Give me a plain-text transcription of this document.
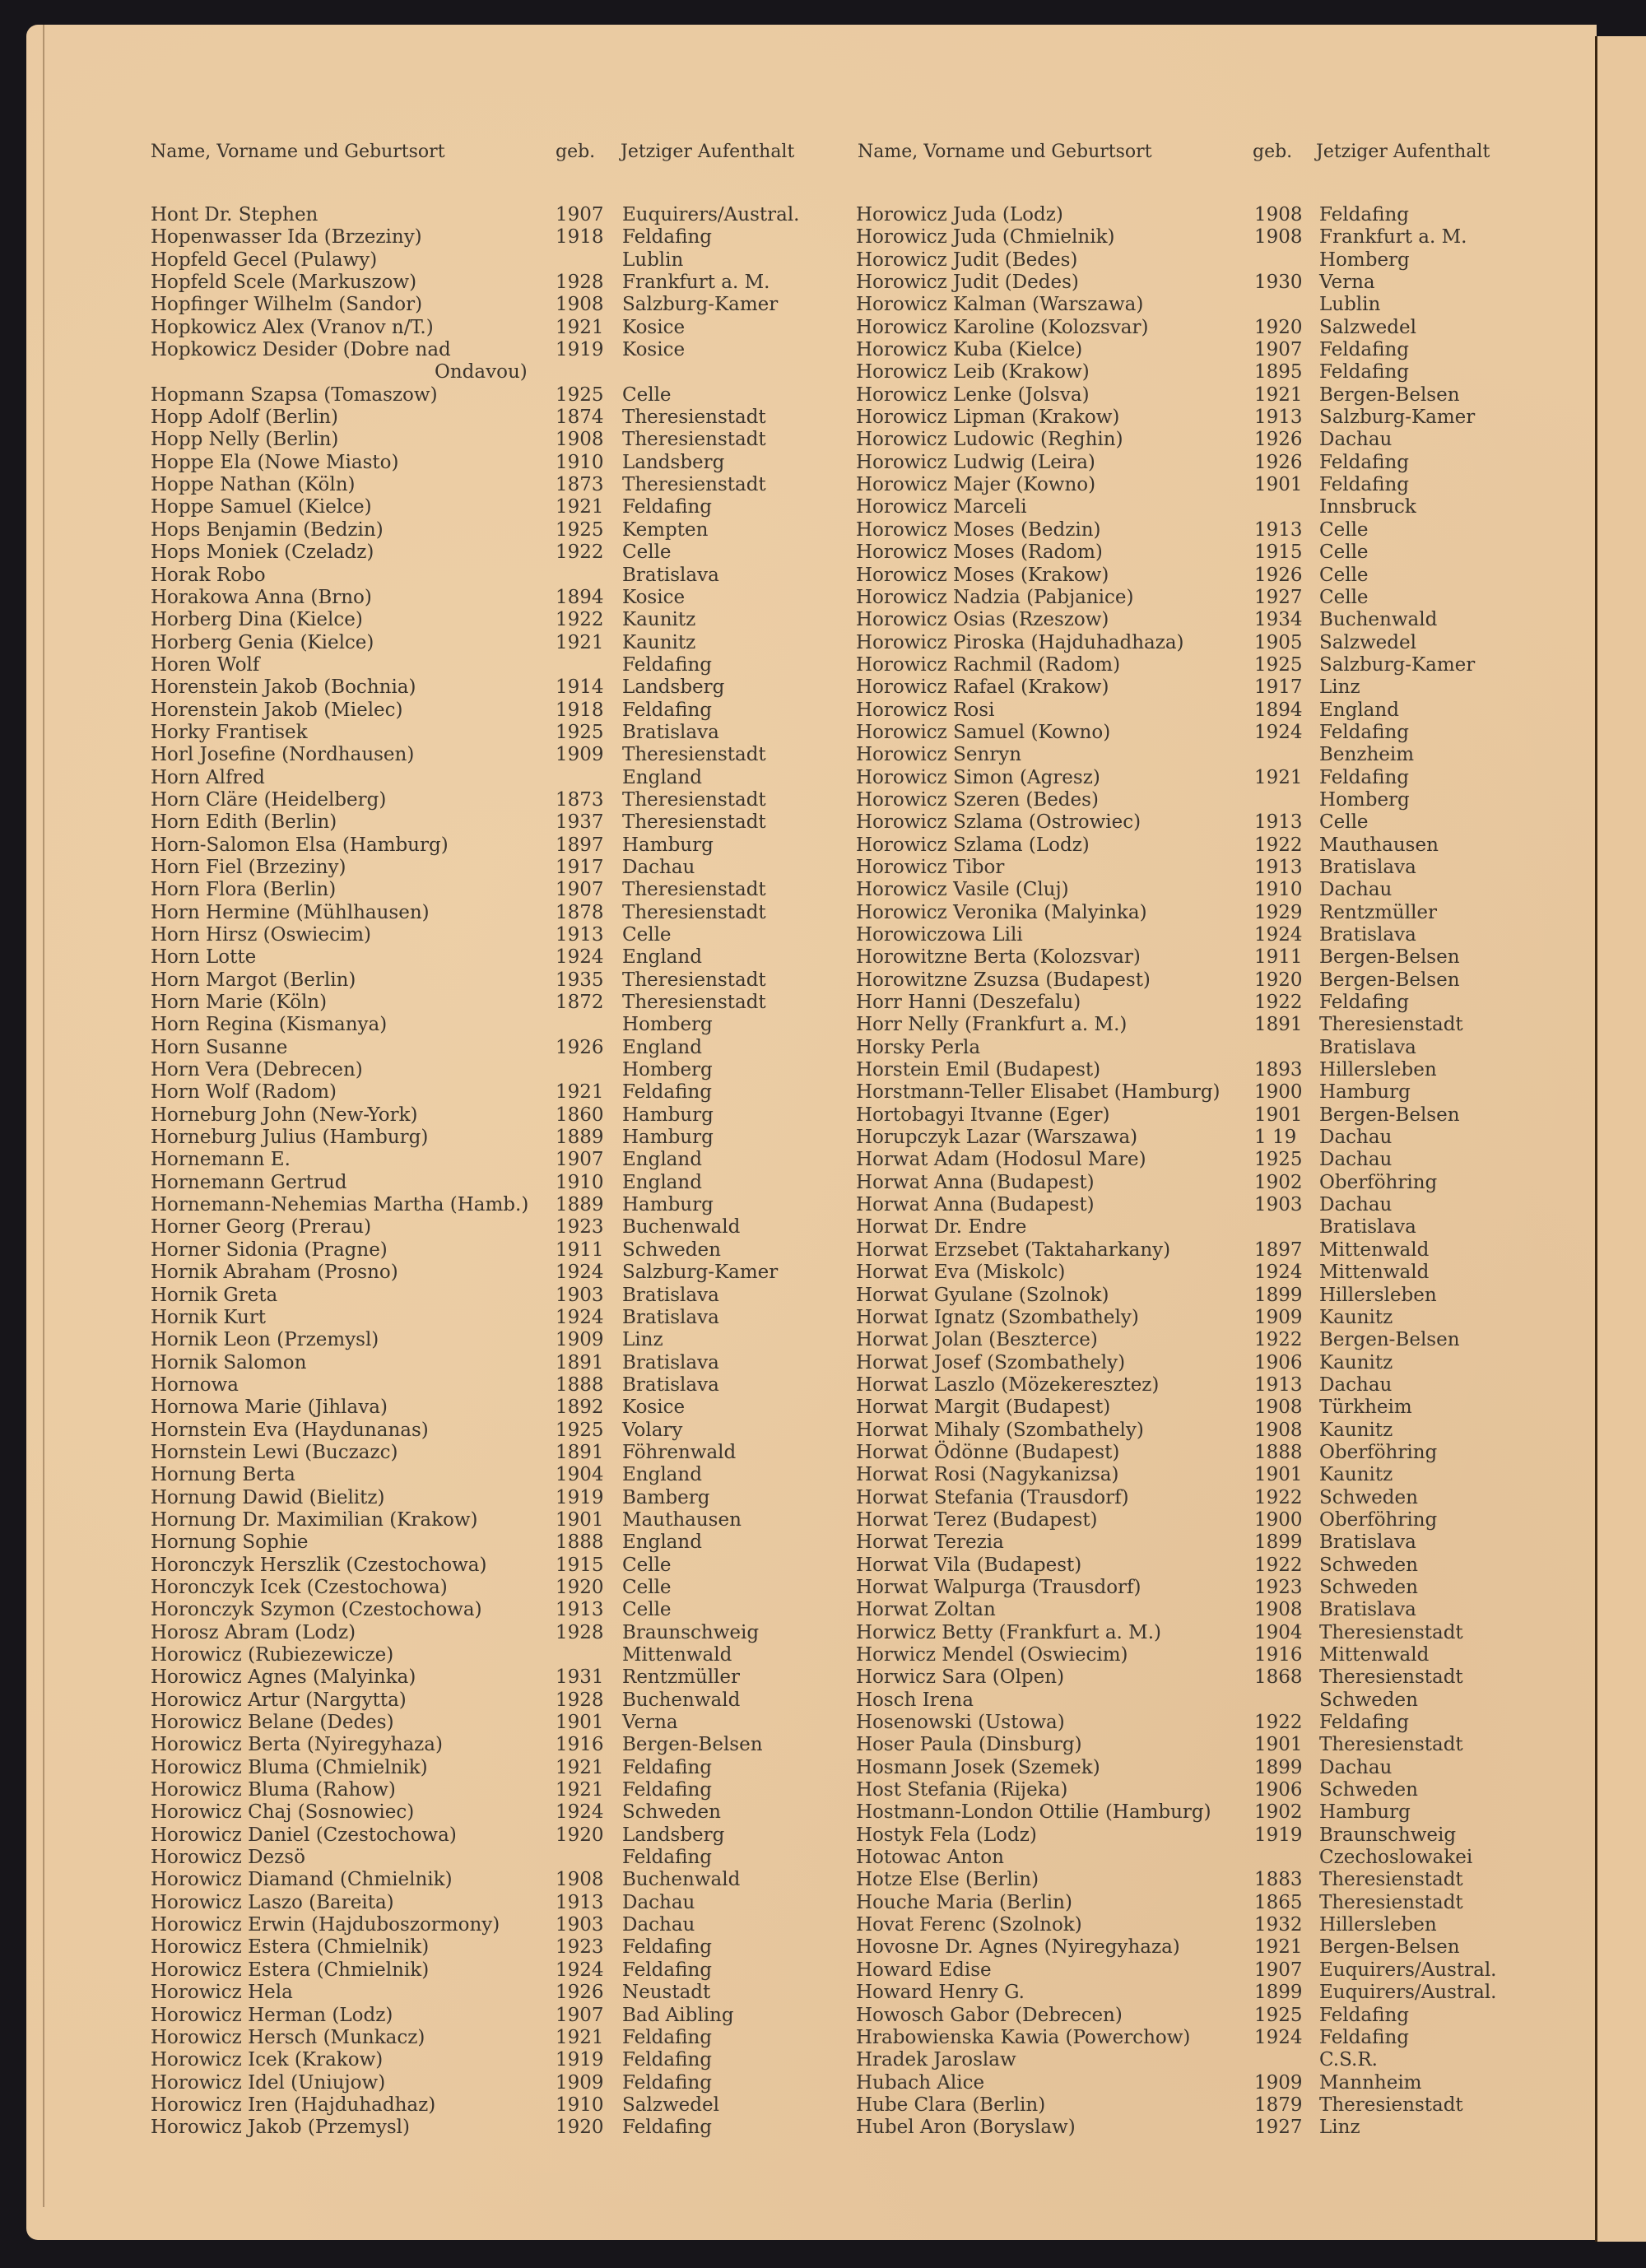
Name, Vorname und Geburtsort	geb. Jetziger Aufenthalt
Hont Dr. Stephen	1907 Euquirers/Austral.
Hopenwasser Ida (Brzeziny)	1918 Feldafing
Hopfeld Gecel (Pulawy)	Lublin
Hopfeld Scele (Markuszow)	1928 Frankfurt a. M.
Hopfinger Wilhelm (Sandor)	1908 Salzburg-Kamer
Hopkowicz Alex (Vranov n/T.)	1921 Kosice
Hopkowicz Desider (Dobre nad	1919 Kosice
Ondavou)
Hopmann Szapsa (Tomaszow)	1925 Celle
Hopp Adolf (Berlin)	1874 Theresienstadt
Hopp Nelly (Berlin)	1908 Theresienstadt
Hoppe Ela (Nowe Miasto)	1910 Landsberg
Hoppe Nathan (Köln)	1873 Theresienstadt
Hoppe Samuel (Kielce)	1921 Feldafing
Hops Benjamin (Bedzin)	1925 Kempten
Hops Moniek (Czeladz)	1922 Celle
Horak Robo	Bratislava
Horakowa Anna (Brno)	1894 Kosice
Horberg Dina (Kielce)	1922 Kaunitz
Horberg Genia (Kielce)	1921 Kaunitz
Horen Wolf	Feldafing
Horenstein Jakob (Bochnia)	1914 Landsberg
Horenstein Jakob (Mielec)	1918 Feldafing
Horky Frantisek	1925 Bratislava
Horl Josefine (Nordhausen)	1909 Theresienstadt
Horn Alfred	England
Horn Cläre (Heidelberg)	1873 Theresienstadt
Horn Edith (Berlin)	1937 Theresienstadt
Horn-Salomon Elsa (Hamburg)	1897 Hamburg
Horn Fiel (Brzeziny)	1917 Dachau
Horn Flora (Berlin)	1907 Theresienstadt
Horn Hermine (Mühlhausen)	1878 Theresienstadt
Horn Hirsz (Oswiecim)	1913 Celle
Horn Lotte	1924 England
Horn Margot (Berlin)	1935 Theresienstadt
Horn Marie (Köln)	1872 Theresienstadt
Horn Regina (Kismanya)	Homberg
Horn Susanne	1926 England
Horn Vera (Debrecen)	Homberg
Horn Wolf (Radom)	1921 Feldafing
Horneburg John (New-York)	1860 Hamburg
Horneburg Julius (Hamburg)	1889 Hamburg
Hornemann E.	1907 England
Hornemann Gertrud	1910 England
Hornemann-Nehemias Martha (Hamb.) 1889 Hamburg
Horner Georg (Prerau)	1923 Buchenwald
Horner Sidonia (Pragne)	1911 Schweden
Hornik Abraham (Prosno)	1924 Salzburg-Kamer
Hornik Greta	1903 Bratislava
Hornik Kurt	1924 Bratislava
Hornik Leon (Przemysl)	1909 Linz
Hornik Salomon	1891 Bratislava
Hornowa	1888 Bratislava
Hornowa Marie (Jihlava)	1892 Kosice
Hornstein Eva (Haydunanas)	1925 Volary
Hornstein Lewi (Buczazc)	1891 Föhrenwald
Hornung Berta	1904 England
Hornung Dawid (Bielitz)	1919 Bamberg
Hornung Dr. Maximilian (Krakow)	1901 Mauthausen
Hornung Sophie	1888 England
Horonczyk Herszlik (Czestochowa)	1915 Celle
Horonczyk Icek (Czestochowa)	1920 Celle
Horonczyk Szymon (Czestochowa)	1913 Celle
Horosz Abram (Lodz)	1928 Braunschweig
Horowicz (Rubiezewicze)	Mittenwald
Horowicz Agnes (Malyinka)	1931 Rentzmüller
Horowicz Artur (Nargytta)	1928 Buchenwald
Horowicz Belane (Dedes)	1901 Verna
Horowicz Berta (Nyiregyhaza)	1916 Bergen-Belsen
Horowicz Bluma (Chmielnik)	1921 Feldafing
Horowicz Bluma (Rahow)	1921 Feldafing
Horowicz Chaj (Sosnowiec)	1924 Schweden
Horowicz Daniel (Czestochowa)	1920 Landsberg
Horowicz Dezsö	Feldafing
Horowicz Diamand (Chmielnik)	1908 Buchenwald
Horowicz Laszo (Bareita)	1913 Dachau
Horowicz Erwin (Hajduboszormony)	1903 Dachau
Horowicz Estera (Chmielnik)	1923 Feldafing
Horowicz Estera (Chmielnik)	1924 Feldafing
Horowicz Hela	1926 Neustadt
Horowicz Herman (Lodz)	1907 Bad Aibling
Horowicz Hersch (Munkacz)	1921 Feldafing
Horowicz Icek (Krakow)	1919 Feldafing
Horowicz Idel (Uniujow)	1909 Feldafing
Horowicz Iren (Hajduhadhaz)	1910 Salzwedel
Horowicz Jakob (Przemysl)	1920 Feldafing
Name, Vorname und Geburtsort	geb. Jetziger Aufenthalt
Horowicz Juda (Lodz)	1908 Feldafing
Horowicz Juda (Chmielnik)	1908 Frankfurt a. M.
Horowicz Judit (Bedes)	Homberg
Horowicz Judit (Dedes)	1930 Verna
Horowicz Kalman (Warszawa)	Lublin
Horowicz Karoline (Kolozsvar)	1920 Salzwedel
Horowicz Kuba (Kielce)	1907 Feldafing
Horowicz Leib (Krakow)	1895 Feldafing
Horowicz Lenke (Jolsva)	1921 Bergen-Belsen
Horowicz Lipman (Krakow)	1913 Salzburg-Kamer
Horowicz Ludowic (Reghin)	1926 Dachau
Horowicz Ludwig (Leira)	1926 Feldafing
Horowicz Majer (Kowno)	1901 Feldafing
Horowicz Marceli	Innsbruck
Horowicz Moses (Bedzin)	1913 Celle
Horowicz Moses (Radom)	1915 Celle
Horowicz Moses (Krakow)	1926 Celle
Horowicz Nadzia (Pabjanice)	1927 Celle
Horowicz Osias (Rzeszow)	1934 Buchenwald
Horowicz Piroska (Hajduhadhaza)	1905 Salzwedel
Horowicz Rachmil (Radom)	1925 Salzburg-Kamer
Horowicz Rafael (Krakow)	1917 Linz
Horowicz Rosi	1894 England
Horowicz Samuel (Kowno)	1924 Feldafing
Horowicz Senryn	Benzheim
Horowicz Simon (Agresz)	1921 Feldafing
Horowicz Szeren (Bedes)	Homberg
Horowicz Szlama (Ostrowiec)	1913 Celle
Horowicz Szlama (Lodz)	1922 Mauthausen
Horowicz Tibor	1913 Bratislava
Horowicz Vasile (Cluj)	1910 Dachau
Horowicz Veronika (Malyinka)	1929 Rentzmüller
Horowiczowa Lili	1924 Bratislava
Horowitzne Berta (Kolozsvar)	1911 Bergen-Belsen
Horowitzne Zsuzsa (Budapest)	1920 Bergen-Belsen
Horr Hanni (Deszefalu)	1922 Feldafing
Horr Nelly (Frankfurt a. M.)	1891 Theresienstadt
Horsky Perla	Bratislava
Horstein Emil (Budapest)	1893 Hillersleben
Horstmann-Teller Elisabet (Hamburg) 1900 Hamburg
Hortobagyi Itvanne (Eger)	1901 Bergen-Belsen
Horupczyk Lazar (Warszawa)	1 19 Dachau
Horwat Adam (Hodosul Mare)	1925 Dachau
Horwat Anna (Budapest)	1902 Oberföhring
Horwat Anna (Budapest)	1903 Dachau
Horwat Dr. Endre	Bratislava
Horwat Erzsebet (Taktaharkany)	1897 Mittenwald
Horwat Eva (Miskolc)	1924 Mittenwald
Horwat Gyulane (Szolnok)	1899 Hillersleben
Horwat Ignatz (Szombathely)	1909 Kaunitz
Horwat Jolan (Beszterce)	1922 Bergen-Belsen
Horwat Josef (Szombathely)	1906 Kaunitz
Horwat Laszlo (Mözekeresztez)	1913 Dachau
Horwat Margit (Budapest)	1908 Türkheim
Horwat Mihaly (Szombathely)	1908 Kaunitz
Horwat Ödönne (Budapest)	1888 Oberföhring
Horwat Rosi (Nagykanizsa)	1901 Kaunitz
Horwat Stefania (Trausdorf)	1922 Schweden
Horwat Terez (Budapest)	1900 Oberföhring
Horwat Terezia	1899 Bratislava
Horwat Vila (Budapest)	1922 Schweden
Horwat Walpurga (Trausdorf)	1923 Schweden
Horwat Zoltan	1908 Bratislava
Horwicz Betty (Frankfurt a. M.)	1904 Theresienstadt
Horwicz Mendel (Oswiecim)	1916 Mittenwald
Horwicz Sara (Olpen)	1868 Theresienstadt
Hosch Irena	Schweden
Hosenowski (Ustowa)	1922 Feldafing
Hoser Paula (Dinsburg)	1901 Theresienstadt
Hosmann Josek (Szemek)	1899 Dachau
Host Stefania (Rijeka)	1906 Schweden
Hostmann-London Ottilie (Hamburg) 1902 Hamburg
Hostyk Fela (Lodz)	1919 Braunschweig
Hotowac Anton	Czechoslowakei
Hotze Else (Berlin)	1883 Theresienstadt
Houche Maria (Berlin)	1865 Theresienstadt
Hovat Ferenc (Szolnok)	1932 Hillersleben
Hovosne Dr. Agnes (Nyiregyhaza)	1921 Bergen-Belsen
Howard Edise	1907 Euquirers/Austral.
Howard Henry G.	1899 Euquirers/Austral.
Howosch Gabor (Debrecen)	1925 Feldafing
Hrabowienska Kawia (Powerchow)	1924 Feldafing
Hradek Jaroslaw	C.S.R.
Hubach Alice	1909 Mannheim
Hube Clara (Berlin)	1879 Theresienstadt
Hubel Aron (Boryslaw)	1927 Linz
